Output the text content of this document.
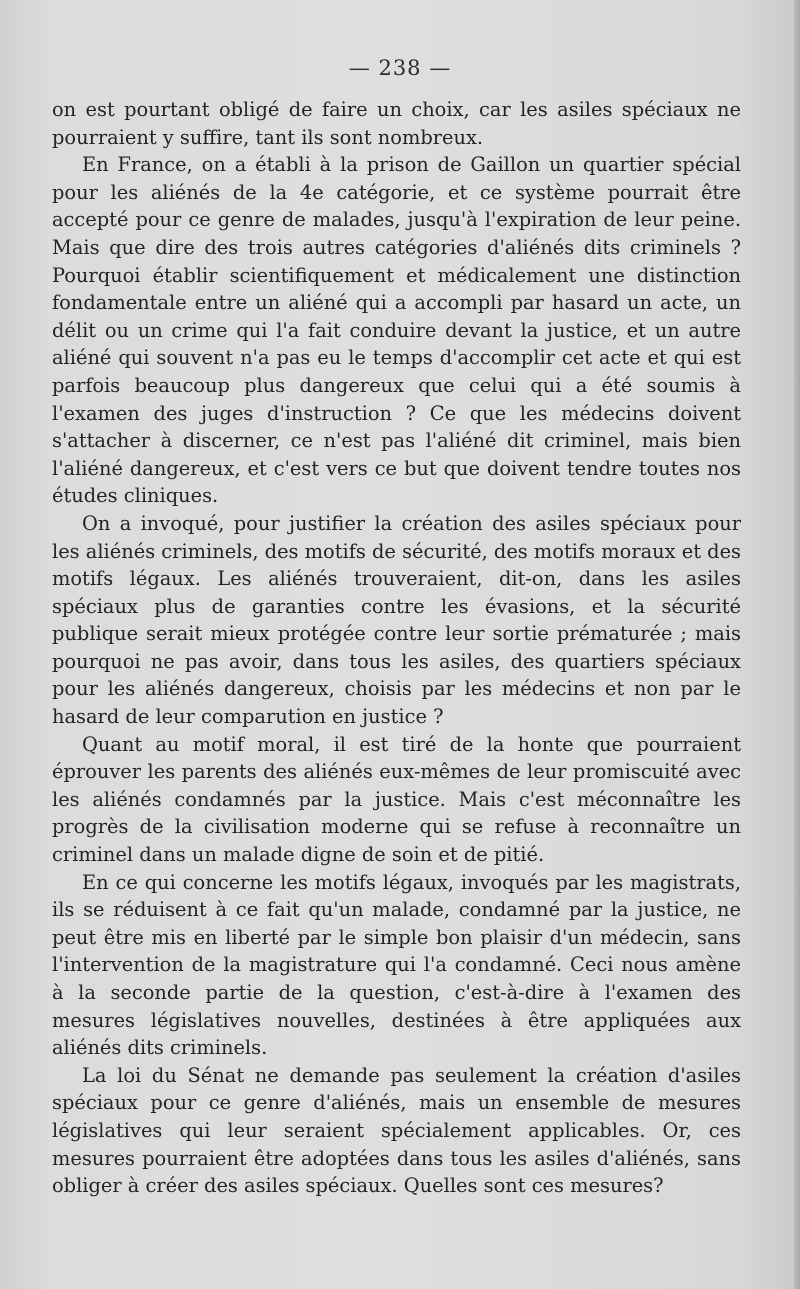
— 238 —

on est pourtant obligé de faire un choix, car les asiles spéciaux ne pourraient y suffire, tant ils sont nombreux.

En France, on a établi à la prison de Gaillon un quartier spécial pour les aliénés de la 4e catégorie, et ce système pourrait être accepté pour ce genre de malades, jusqu'à l'expiration de leur peine. Mais que dire des trois autres catégories d'aliénés dits criminels ? Pourquoi établir scientifiquement et médicalement une distinction fondamentale entre un aliéné qui a accompli par hasard un acte, un délit ou un crime qui l'a fait conduire devant la justice, et un autre aliéné qui souvent n'a pas eu le temps d'accomplir cet acte et qui est parfois beaucoup plus dangereux que celui qui a été soumis à l'examen des juges d'instruction ? Ce que les médecins doivent s'attacher à discerner, ce n'est pas l'aliéné dit criminel, mais bien l'aliéné dangereux, et c'est vers ce but que doivent tendre toutes nos études cliniques.

On a invoqué, pour justifier la création des asiles spéciaux pour les aliénés criminels, des motifs de sécurité, des motifs moraux et des motifs légaux. Les aliénés trouveraient, dit-on, dans les asiles spéciaux plus de garanties contre les évasions, et la sécurité publique serait mieux protégée contre leur sortie prématurée ; mais pourquoi ne pas avoir, dans tous les asiles, des quartiers spéciaux pour les aliénés dangereux, choisis par les médecins et non par le hasard de leur comparution en justice ?

Quant au motif moral, il est tiré de la honte que pourraient éprouver les parents des aliénés eux-mêmes de leur promiscuité avec les aliénés condamnés par la justice. Mais c'est méconnaître les progrès de la civilisation moderne qui se refuse à reconnaître un criminel dans un malade digne de soin et de pitié.

En ce qui concerne les motifs légaux, invoqués par les magistrats, ils se réduisent à ce fait qu'un malade, condamné par la justice, ne peut être mis en liberté par le simple bon plaisir d'un médecin, sans l'intervention de la magistrature qui l'a condamné. Ceci nous amène à la seconde partie de la question, c'est-à-dire à l'examen des mesures législatives nouvelles, destinées à être appliquées aux aliénés dits criminels.

La loi du Sénat ne demande pas seulement la création d'asiles spéciaux pour ce genre d'aliénés, mais un ensemble de mesures législatives qui leur seraient spécialement applicables. Or, ces mesures pourraient être adoptées dans tous les asiles d'aliénés, sans obliger à créer des asiles spéciaux. Quelles sont ces mesures?
